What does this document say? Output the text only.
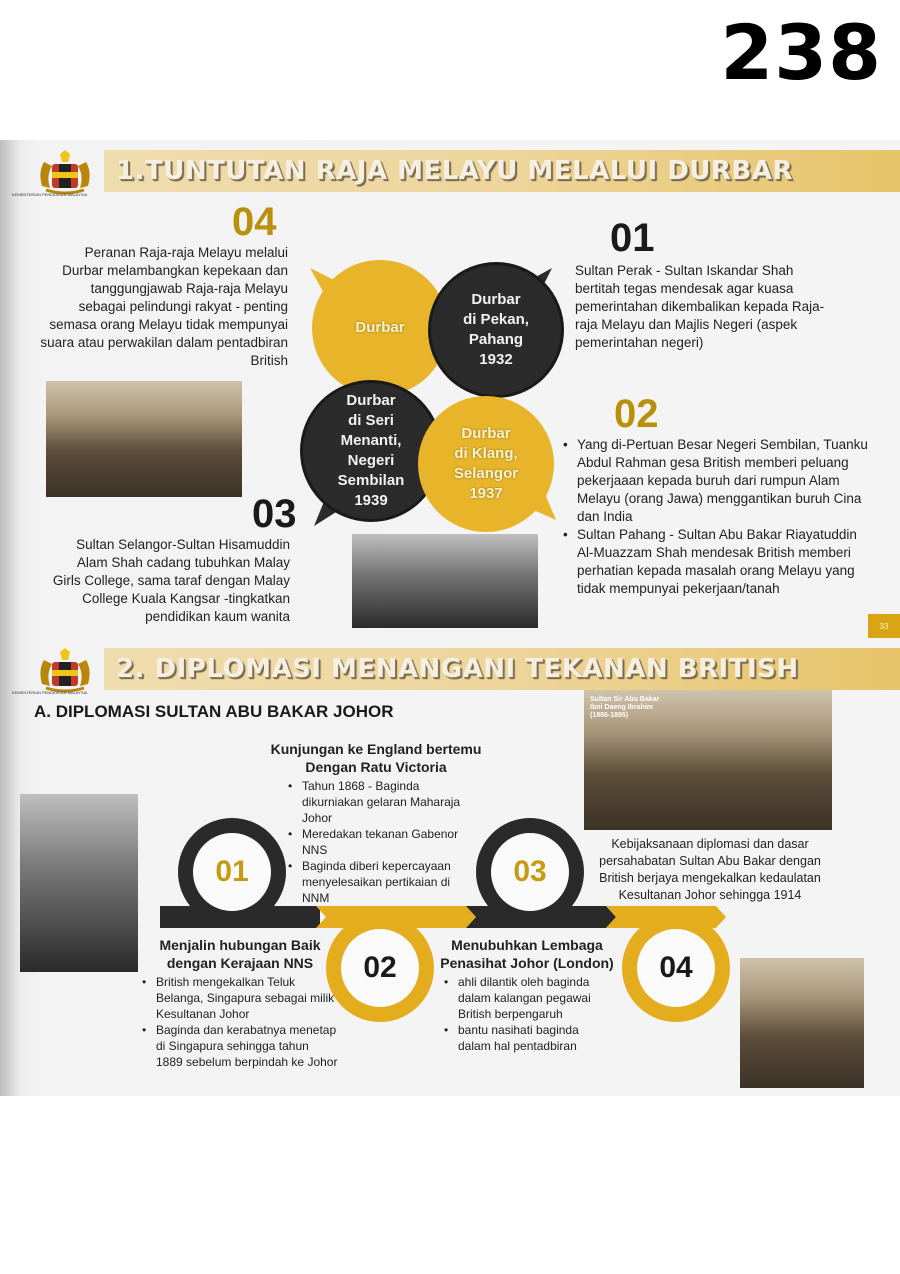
238
KEMENTERIAN PENDIDIKAN MALAYSIA
1.TUNTUTAN RAJA MELAYU MELALUI DURBAR
04
Peranan Raja-raja Melayu melalui Durbar melambangkan kepekaan dan tanggungjawab Raja-raja Melayu sebagai pelindungi rakyat - penting semasa orang Melayu tidak mempunyai suara atau perwakilan dalam pentadbiran British
01
Sultan Perak - Sultan Iskandar Shah bertitah tegas mendesak agar kuasa pemerintahan dikembalikan kepada Raja-raja Melayu dan Majlis Negeri (aspek pemerintahan negeri)
02
• Yang di-Pertuan Besar Negeri Sembilan, Tuanku Abdul Rahman gesa British memberi peluang pekerjaaan kepada buruh dari rumpun Alam Melayu (orang Jawa) menggantikan buruh Cina dan India
• Sultan Pahang - Sultan Abu Bakar Riayatuddin Al-Muazzam Shah mendesak British memberi perhatian kepada masalah orang Melayu yang tidak mempunyai pekerjaan/tanah
03
Sultan Selangor-Sultan Hisamuddin Alam Shah cadang tubuhkan Malay Girls College, sama taraf dengan Malay College Kuala Kangsar -tingkatkan pendidikan kaum wanita
Durbar
Durbar
di Pekan,
Pahang
1932
Durbar
di Seri
Menanti,
Negeri
Sembilan
1939
Durbar
di Klang,
Selangor
1937
33
KEMENTERIAN PENDIDIKAN MALAYSIA
2. DIPLOMASI MENANGANI TEKANAN BRITISH
A. DIPLOMASI SULTAN ABU BAKAR JOHOR
Sultan Sir Abu Bakar Ibni Daeng Ibrahim (1886-1895)
Kebijaksanaan diplomasi dan dasar persahabatan Sultan Abu Bakar dengan British berjaya mengekalkan kedaulatan Kesultanan Johor sehingga 1914
01
02
03
04
Kunjungan ke England bertemu Dengan Ratu Victoria
• Tahun 1868 - Baginda dikurniakan gelaran Maharaja Johor
• Meredakan tekanan Gabenor NNS
• Baginda diberi kepercayaan menyelesaikan pertikaian di NNM
Menjalin hubungan Baik dengan Kerajaan NNS
• British mengekalkan Teluk Belanga, Singapura sebagai milik Kesultanan Johor
• Baginda dan kerabatnya menetap di Singapura sehingga tahun 1889 sebelum berpindah ke Johor
Menubuhkan Lembaga Penasihat Johor (London)
• ahli dilantik oleh baginda dalam kalangan pegawai British berpengaruh
• bantu nasihati baginda dalam hal pentadbiran
